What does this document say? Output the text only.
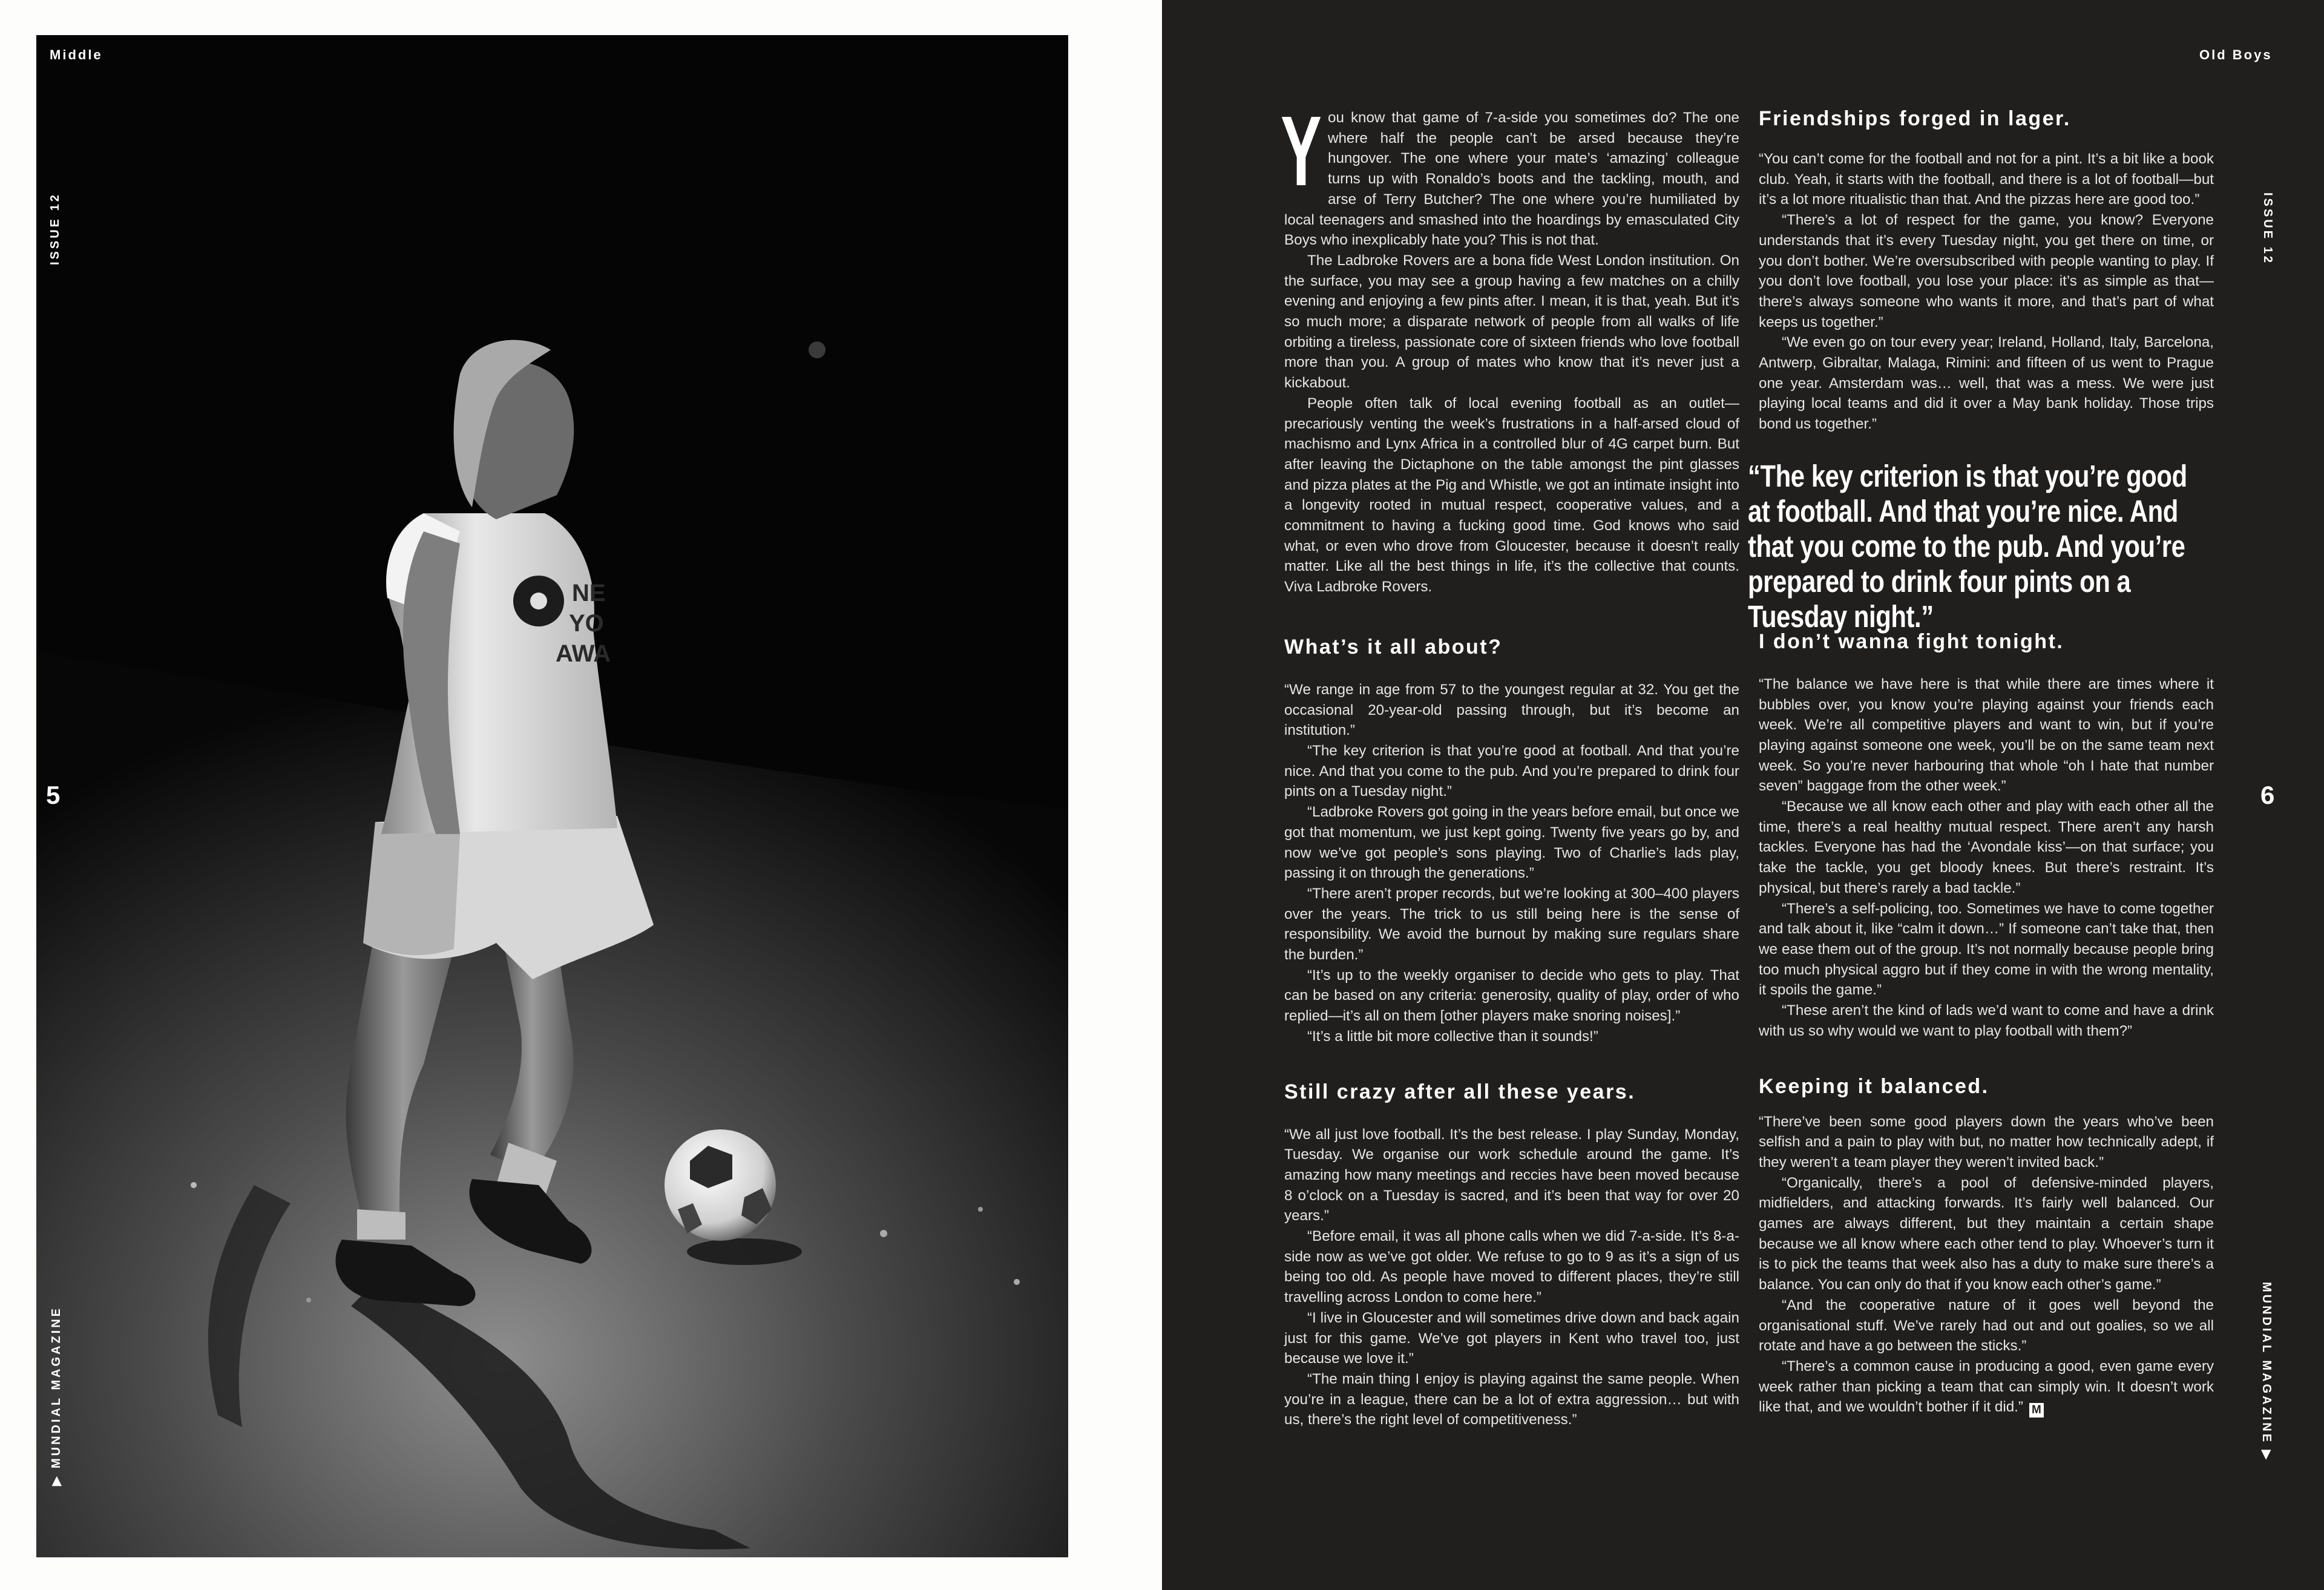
NE
YO
AWA
Middle
ISSUE 12
5
▶ MUNDIAL MAGAZINE
Old Boys
ISSUE 12
6
MUNDIAL MAGAZINE ▶
Y ou know that game of 7-a-side you sometimes do? The one where half the people can’t be arsed because they’re hungover. The one where your mate’s ‘amazing’ colleague turns up with Ronaldo’s boots and the tackling, mouth, and arse of Terry Butcher? The one where you’re humiliated by local teenagers and smashed into the hoardings by emasculated City Boys who inexplicably hate you? This is not that.

The Ladbroke Rovers are a bona fide West London institution. On the surface, you may see a group having a few matches on a chilly evening and enjoying a few pints after. I mean, it is that, yeah. But it’s so much more; a disparate network of people from all walks of life orbiting a tireless, passionate core of sixteen friends who love football more than you. A group of mates who know that it’s never just a kickabout.

People often talk of local evening football as an outlet—precariously venting the week’s frustrations in a half-arsed cloud of machismo and Lynx Africa in a controlled blur of 4G carpet burn. But after leaving the Dictaphone on the table amongst the pint glasses and pizza plates at the Pig and Whistle, we got an intimate insight into a longevity rooted in mutual respect, cooperative values, and a commitment to having a fucking good time. God knows who said what, or even who drove from Gloucester, because it doesn’t really matter. Like all the best things in life, it’s the collective that counts. Viva Ladbroke Rovers.

What’s it all about?

“We range in age from 57 to the youngest regular at 32. You get the occasional 20-year-old passing through, but it’s become an institution.”

“The key criterion is that you’re good at football. And that you’re nice. And that you come to the pub. And you’re prepared to drink four pints on a Tuesday night.”

“Ladbroke Rovers got going in the years before email, but once we got that momentum, we just kept going. Twenty five years go by, and now we’ve got people’s sons playing. Two of Charlie’s lads play, passing it on through the generations.”

“There aren’t proper records, but we’re looking at 300–400 players over the years. The trick to us still being here is the sense of responsibility. We avoid the burnout by making sure regulars share the burden.”

“It’s up to the weekly organiser to decide who gets to play. That can be based on any criteria: generosity, quality of play, order of who replied—it’s all on them [other players make snoring noises].”

“It’s a little bit more collective than it sounds!”

Still crazy after all these years.

“We all just love football. It’s the best release. I play Sunday, Monday, Tuesday. We organise our work schedule around the game. It’s amazing how many meetings and reccies have been moved because 8 o’clock on a Tuesday is sacred, and it’s been that way for over 20 years.”

“Before email, it was all phone calls when we did 7-a-side. It’s 8-a-side now as we’ve got older. We refuse to go to 9 as it’s a sign of us being too old. As people have moved to different places, they’re still travelling across London to come here.”

“I live in Gloucester and will sometimes drive down and back again just for this game. We’ve got players in Kent who travel too, just because we love it.”

“The main thing I enjoy is playing against the same people. When you’re in a league, there can be a lot of extra aggression… but with us, there’s the right level of competitiveness.”

Friendships forged in lager.

“You can’t come for the football and not for a pint. It’s a bit like a book club. Yeah, it starts with the football, and there is a lot of football—but it’s a lot more ritualistic than that. And the pizzas here are good too.”

“There’s a lot of respect for the game, you know? Everyone understands that it’s every Tuesday night, you get there on time, or you don’t bother. We’re oversubscribed with people wanting to play. If you don’t love football, you lose your place: it’s as simple as that—there’s always someone who wants it more, and that’s part of what keeps us together.”

“We even go on tour every year; Ireland, Holland, Italy, Barcelona, Antwerp, Gibraltar, Malaga, Rimini: and fifteen of us went to Prague one year. Amsterdam was… well, that was a mess. We were just playing local teams and did it over a May bank holiday. Those trips bond us together.”

“The key criterion is that you’re good at football. And that you’re nice. And that you come to the pub. And you’re prepared to drink four pints on a Tuesday night.”
I don’t wanna fight tonight.

“The balance we have here is that while there are times where it bubbles over, you know you’re playing against your friends each week. We’re all competitive players and want to win, but if you’re playing against someone one week, you’ll be on the same team next week. So you’re never harbouring that whole “oh I hate that number seven” baggage from the other week.”

“Because we all know each other and play with each other all the time, there’s a real healthy mutual respect. There aren’t any harsh tackles. Everyone has had the ‘Avondale kiss’—on that surface; you take the tackle, you get bloody knees. But there’s restraint. It’s physical, but there’s rarely a bad tackle.”

“There’s a self-policing, too. Sometimes we have to come together and talk about it, like “calm it down…” If someone can’t take that, then we ease them out of the group. It’s not normally because people bring too much physical aggro but if they come in with the wrong mentality, it spoils the game.”

“These aren’t the kind of lads we’d want to come and have a drink with us so why would we want to play football with them?”

Keeping it balanced.

“There’ve been some good players down the years who’ve been selfish and a pain to play with but, no matter how technically adept, if they weren’t a team player they weren’t invited back.”

“Organically, there’s a pool of defensive-minded players, midfielders, and attacking forwards. It’s fairly well balanced. Our games are always different, but they maintain a certain shape because we all know where each other tend to play. Whoever’s turn it is to pick the teams that week also has a duty to make sure there’s a balance. You can only do that if you know each other’s game.”

“And the cooperative nature of it goes well beyond the organisational stuff. We’ve rarely had out and out goalies, so we all rotate and have a go between the sticks.”

“There’s a common cause in producing a good, even game every week rather than picking a team that can simply win. It doesn’t work like that, and we wouldn’t bother if it did.” M
